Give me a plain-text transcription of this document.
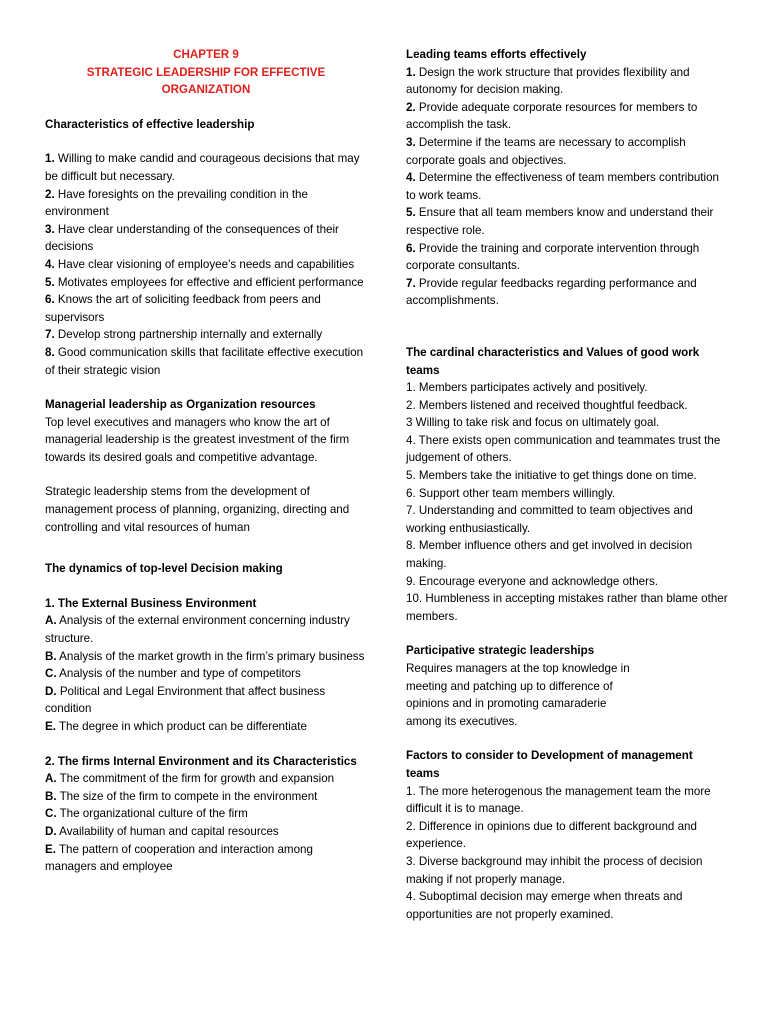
CHAPTER 9

STRATEGIC LEADERSHIP FOR EFFECTIVE ORGANIZATION

Characteristics of effective leadership

1. Willing to make candid and courageous decisions that may be difficult but necessary.

2. Have foresights on the prevailing condition in the environment

3. Have clear understanding of the consequences of their decisions

4. Have clear visioning of employee’s needs and capabilities

5. Motivates employees for effective and efficient performance

6. Knows the art of soliciting feedback from peers and supervisors

7. Develop strong partnership internally and externally

8. Good communication skills that facilitate effective execution of their strategic vision

Managerial leadership as Organization resources

Top level executives and managers who know the art of managerial leadership is the greatest investment of the firm towards its desired goals and competitive advantage.

Strategic leadership stems from the development of management process of planning, organizing, directing and controlling and vital resources of human

The dynamics of top-level Decision making

1. The External Business Environment

A. Analysis of the external environment concerning industry structure.

B. Analysis of the market growth in the firm’s primary business

C. Analysis of the number and type of competitors

D. Political and Legal Environment that affect business condition

E. The degree in which product can be differentiate

2. The firms Internal Environment and its Characteristics

A. The commitment of the firm for growth and expansion

B. The size of the firm to compete in the environment

C. The organizational culture of the firm

D. Availability of human and capital resources

E. The pattern of cooperation and interaction among managers and employee

Leading teams efforts effectively

1. Design the work structure that provides flexibility and autonomy for decision making.

2. Provide adequate corporate resources for members to accomplish the task.

3. Determine if the teams are necessary to accomplish corporate goals and objectives.

4. Determine the effectiveness of team members contribution to work teams.

5. Ensure that all team members know and understand their respective role.

6. Provide the training and corporate intervention through corporate consultants.

7. Provide regular feedbacks regarding performance and accomplishments.

The cardinal characteristics and Values of good work teams

1. Members participates actively and positively.

2. Members listened and received thoughtful feedback.

3 Willing to take risk and focus on ultimately goal.

4. There exists open communication and teammates trust the judgement of others.

5. Members take the initiative to get things done on time.

6. Support other team members willingly.

7. Understanding and committed to team objectives and working enthusiastically.

8. Member influence others and get involved in decision making.

9. Encourage everyone and acknowledge others.

10. Humbleness in accepting mistakes rather than blame other members.

Participative strategic leaderships

Requires managers at the top knowledge in

meeting and patching up to difference of

opinions and in promoting camaraderie

among its executives.

Factors to consider to Development of management teams

1. The more heterogenous the management team the more difficult it is to manage.

2. Difference in opinions due to different background and experience.

3. Diverse background may inhibit the process of decision making if not properly manage.

4. Suboptimal decision may emerge when threats and opportunities are not properly examined.
